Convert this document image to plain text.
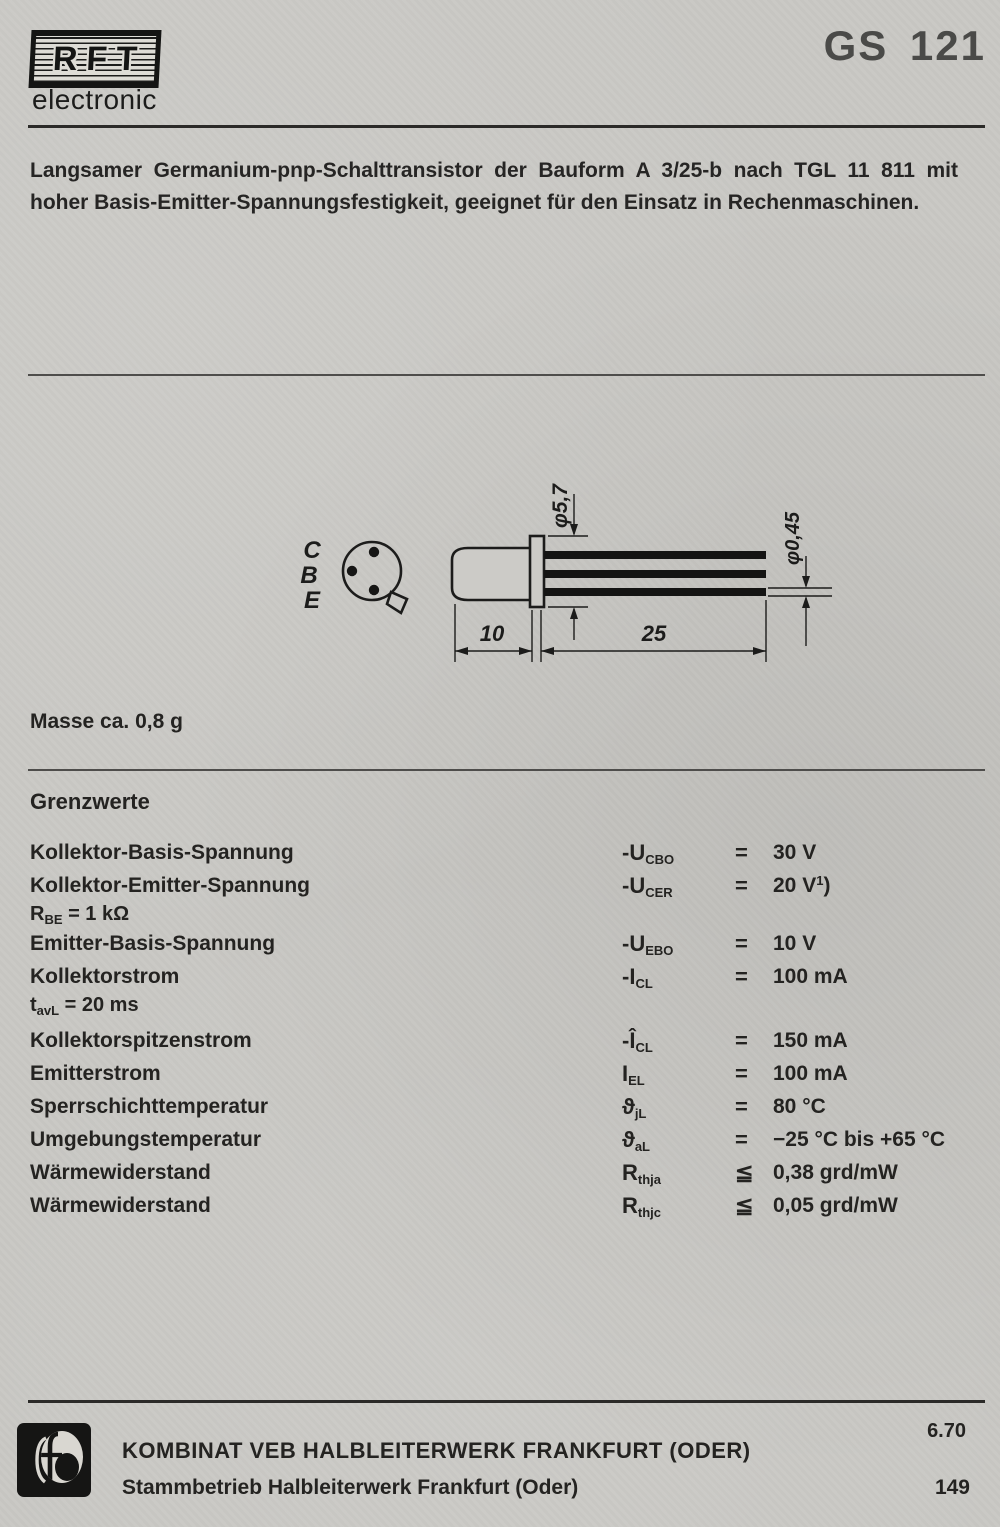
RFT
electronic
GS 121
Langsamer Germanium-pnp-Schalttransistor der Bauform A 3/25-b nach TGL 11 811 mit hoher Basis-Emitter-Spannungsfestigkeit, geeignet für den Einsatz in Rechenmaschinen.
C
B
E
φ5,7
φ0,45
10	25
Masse ca. 0,8 g
Grenzwerte
Kollektor-Basis-Spannung	-UCBO	=	30 V
Kollektor-Emitter-Spannung
$R_{BE} = 1$ kΩ
-UCER	=	20 $V^1$)
Emitter-Basis-Spannung	-UEBO	=	10 V
Kollektorstrom
$t_{avL} = 20$ ms
-ICL	=	100 mA
Kollektorspitzenstrom	-ÎCL	=	150 mA
Emitterstrom	IEL	=	100 mA
Sperrschichttemperatur	ϑjL	=	80 °C
Umgebungstemperatur	ϑaL	=	−25 °C bis +65 °C
Wärmewiderstand	Rthja	≦ 0,38 grd/mW
Wärmewiderstand	Rthjc	≦ 0,05 grd/mW
KOMBINAT VEB HALBLEITERWERK FRANKFURT (ODER)
Stammbetrieb Halbleiterwerk Frankfurt (Oder)
6.70
149
